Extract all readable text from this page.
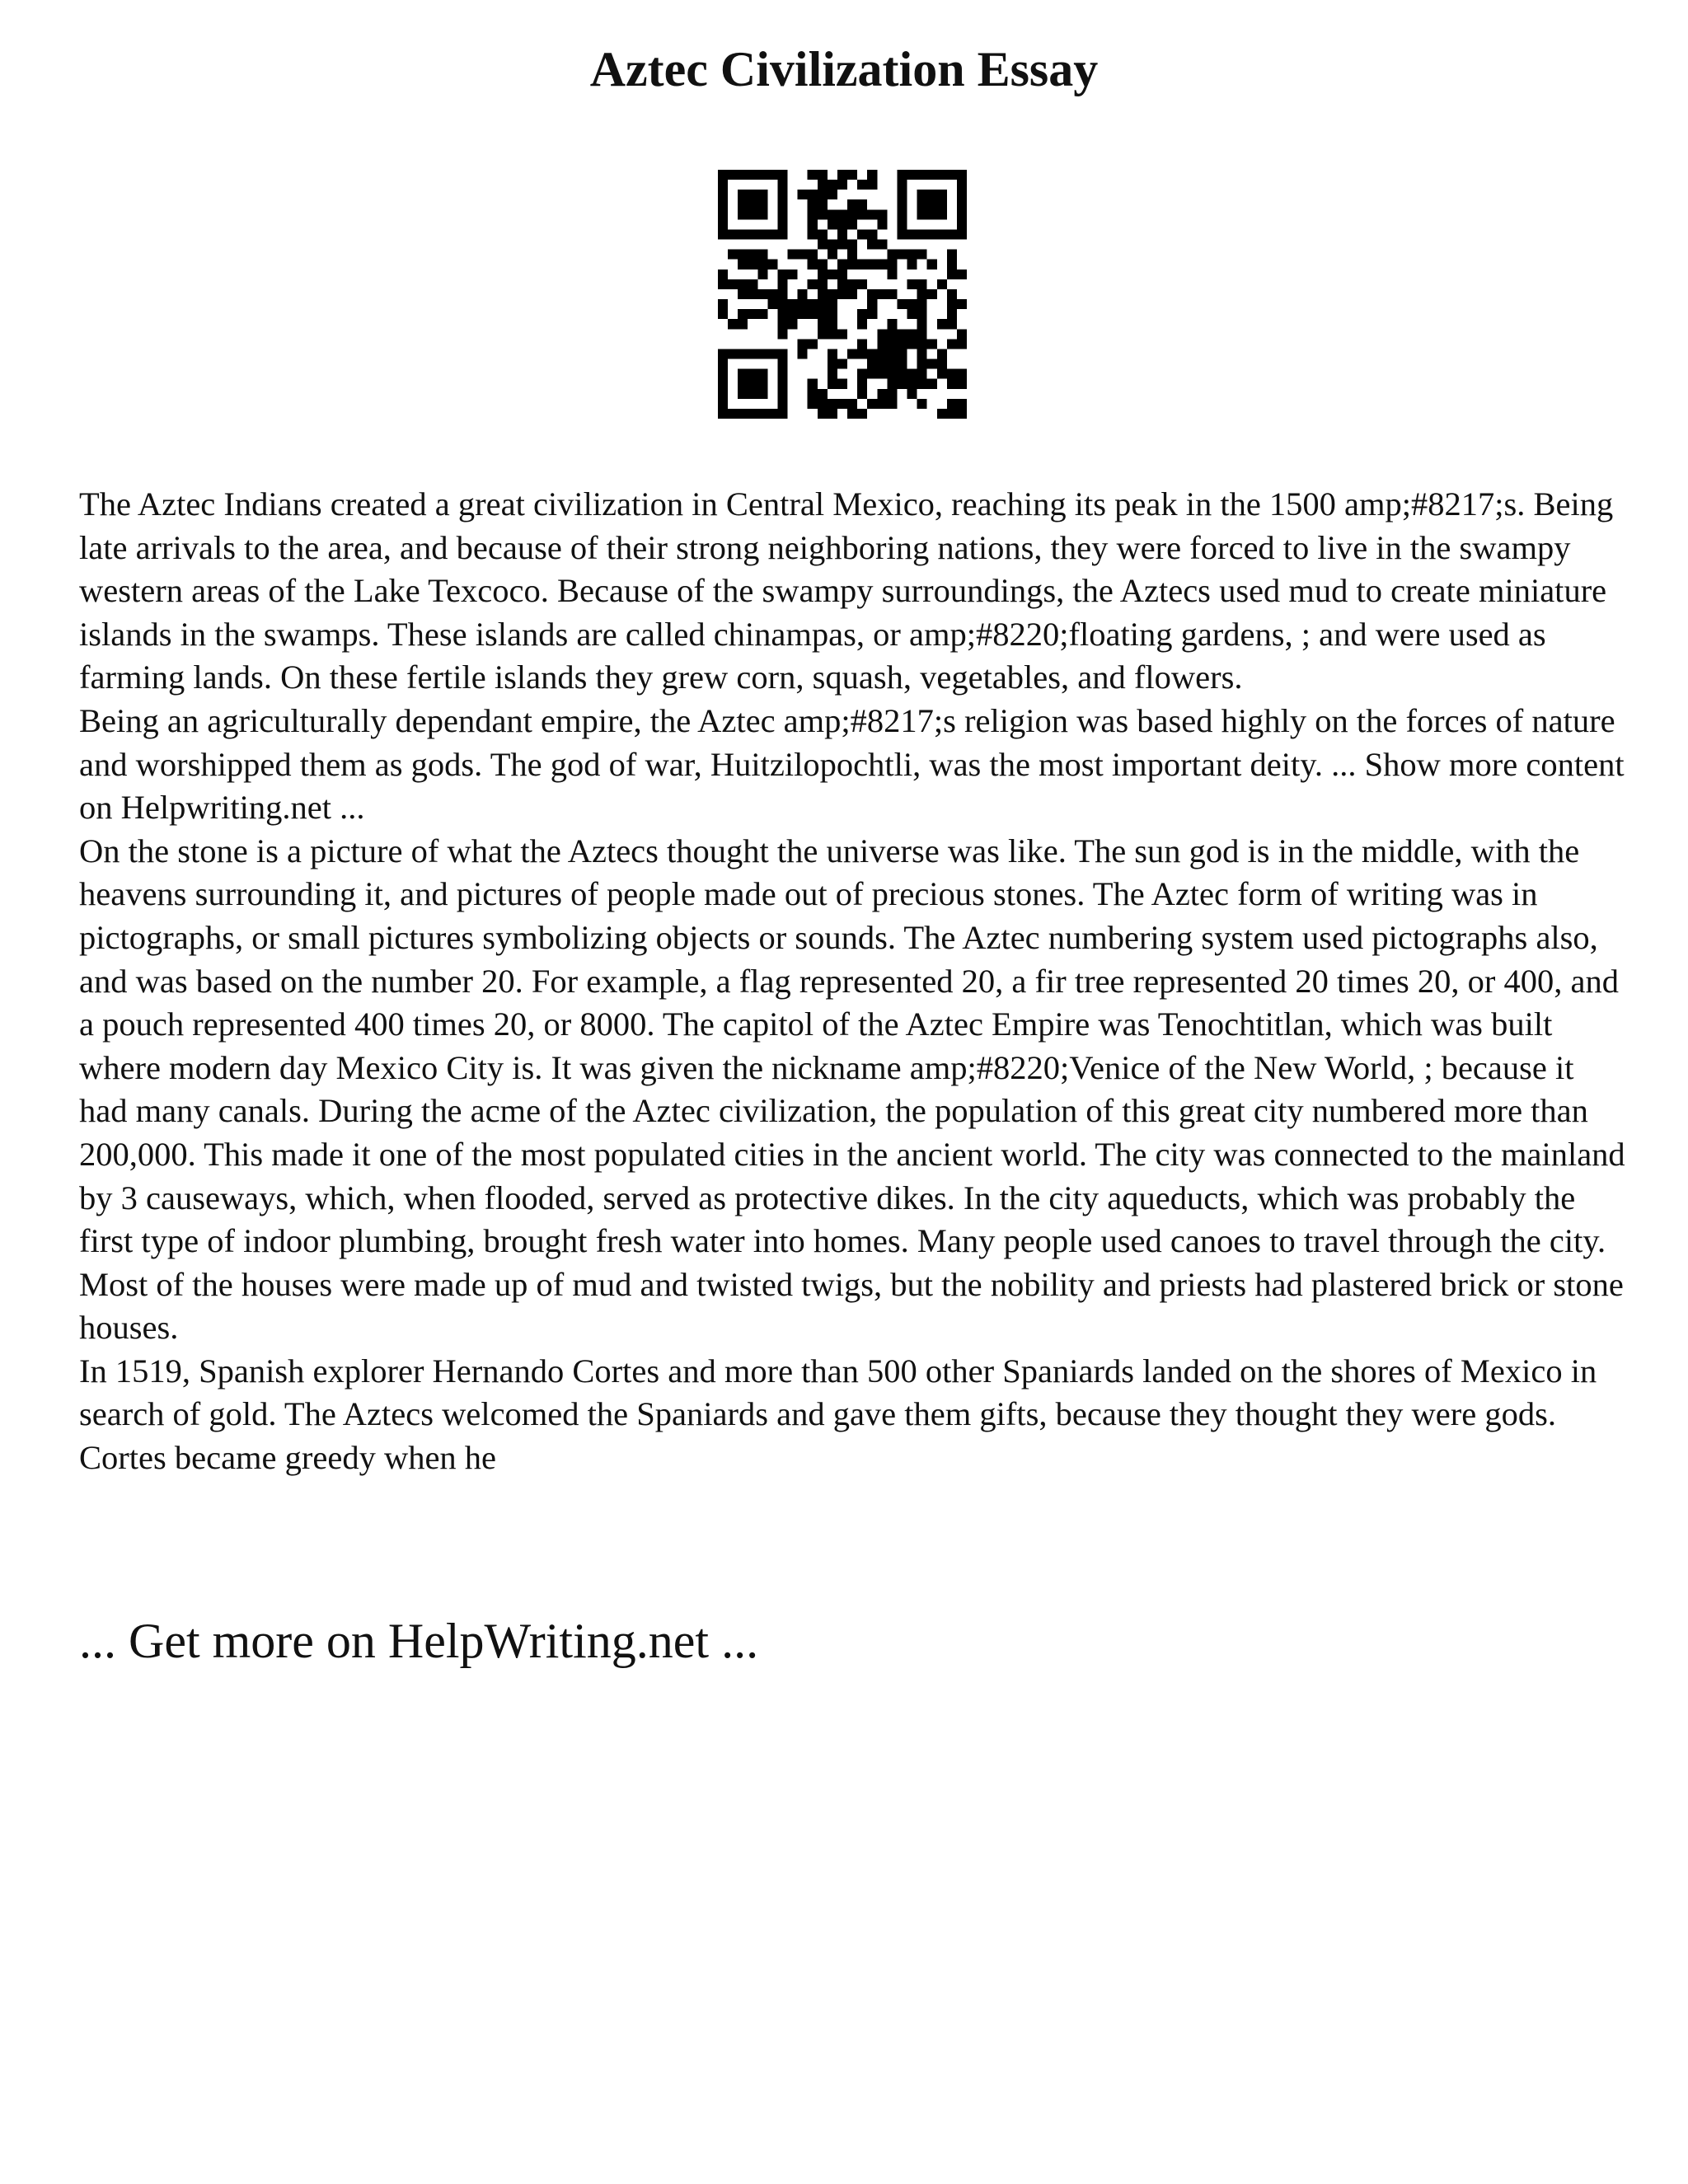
Aztec Civilization Essay

The Aztec Indians created a great civilization in Central Mexico, reaching its peak in the 1500 amp;#8217;s. Being late arrivals to the area, and because of their strong neighboring nations, they were forced to live in the swampy western areas of the Lake Texcoco. Because of the swampy surroundings, the Aztecs used mud to create miniature islands in the swamps. These islands are called chinampas, or amp;#8220;floating gardens, ; and were used as farming lands. On these fertile islands they grew corn, squash, vegetables, and flowers.

Being an agriculturally dependant empire, the Aztec amp;#8217;s religion was based highly on the forces of nature and worshipped them as gods. The god of war, Huitzilopochtli, was the most important deity. ... Show more content on Helpwriting.net ...

On the stone is a picture of what the Aztecs thought the universe was like. The sun god is in the middle, with the heavens surrounding it, and pictures of people made out of precious stones. The Aztec form of writing was in pictographs, or small pictures symbolizing objects or sounds. The Aztec numbering system used pictographs also, and was based on the number 20. For example, a flag represented 20, a fir tree represented 20 times 20, or 400, and a pouch represented 400 times 20, or 8000. The capitol of the Aztec Empire was Tenochtitlan, which was built where modern day Mexico City is. It was given the nickname amp;#8220;Venice of the New World, ; because it had many canals. During the acme of the Aztec civilization, the population of this great city numbered more than 200,000. This made it one of the most populated cities in the ancient world. The city was connected to the mainland by 3 causeways, which, when flooded, served as protective dikes. In the city aqueducts, which was probably the first type of indoor plumbing, brought fresh water into homes. Many people used canoes to travel through the city. Most of the houses were made up of mud and twisted twigs, but the nobility and priests had plastered brick or stone houses.

In 1519, Spanish explorer Hernando Cortes and more than 500 other Spaniards landed on the shores of Mexico in search of gold. The Aztecs welcomed the Spaniards and gave them gifts, because they thought they were gods. Cortes became greedy when he

... Get more on HelpWriting.net ...
